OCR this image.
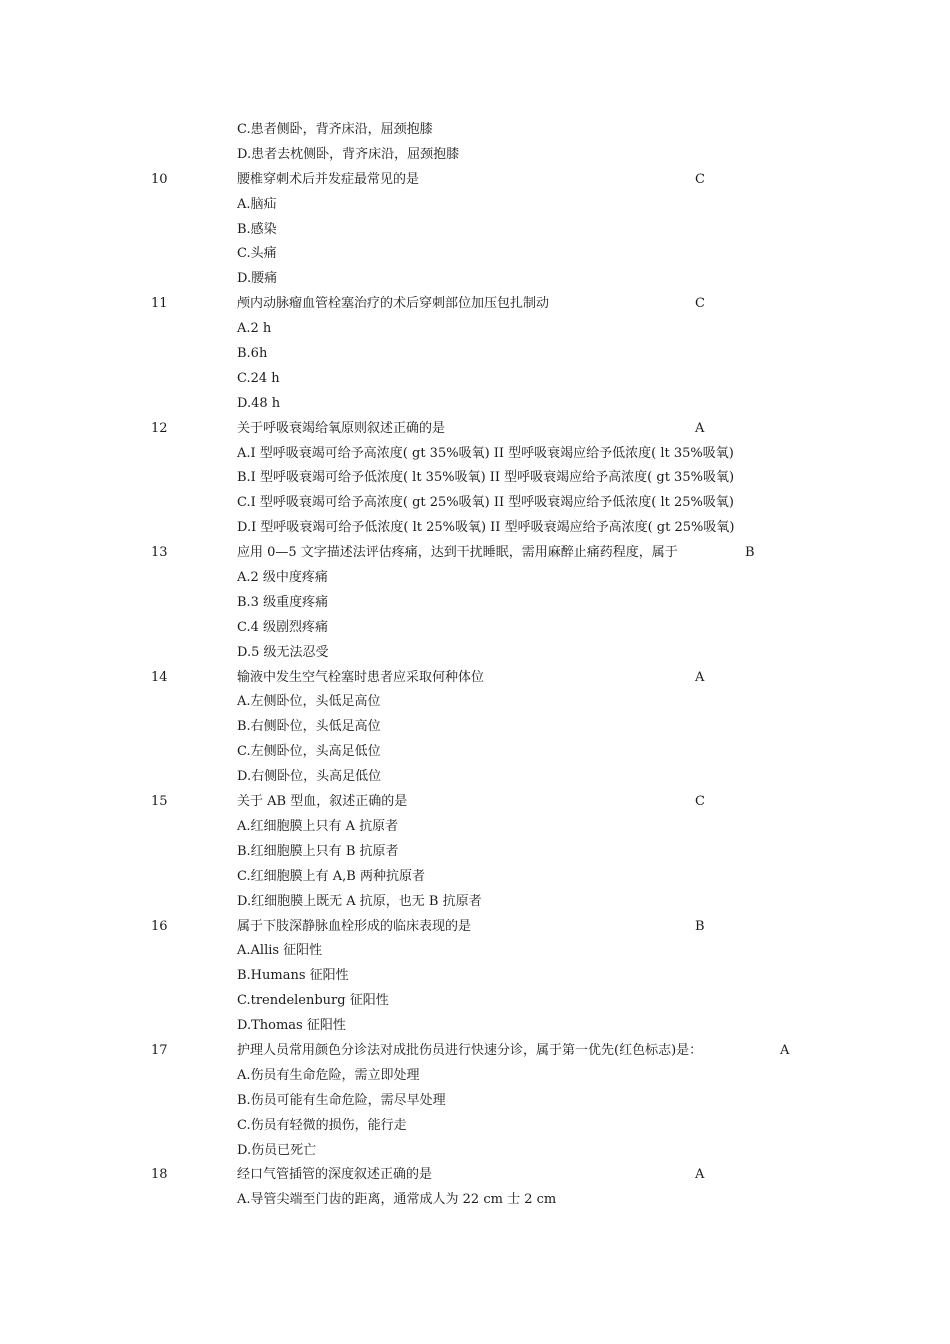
C.患者侧卧，背齐床沿，屈颈抱膝
D.患者去枕侧卧，背齐床沿，屈颈抱膝
10	腰椎穿刺术后并发症最常见的是	C
A.脑疝
B.感染
C.头痛
D.腰痛
11	颅内动脉瘤血管栓塞治疗的术后穿刺部位加压包扎制动	C
A.2 h
B.6h
C.24 h
D.48 h
12	关于呼吸衰竭给氧原则叙述正确的是	A
A.I 型呼吸衰竭可给予高浓度( gt 35%吸氧) II 型呼吸衰竭应给予低浓度( lt 35%吸氧)
B.I 型呼吸衰竭可给予低浓度( lt 35%吸氧) II 型呼吸衰竭应给予高浓度( gt 35%吸氧)
C.I 型呼吸衰竭可给予高浓度( gt 25%吸氧) II 型呼吸衰竭应给予低浓度( lt 25%吸氧)
D.I 型呼吸衰竭可给予低浓度( lt 25%吸氧) II 型呼吸衰竭应给予高浓度( gt 25%吸氧)
13	应用 0—5 文字描述法评估疼痛，达到干扰睡眠，需用麻醉止痛药程度，属于	B
A.2 级中度疼痛
B.3 级重度疼痛
C.4 级剧烈疼痛
D.5 级无法忍受
14	输液中发生空气栓塞时患者应采取何种体位	A
A.左侧卧位，头低足高位
B.右侧卧位，头低足高位
C.左侧卧位，头高足低位
D.右侧卧位，头高足低位
15	关于 AB 型血，叙述正确的是	C
A.红细胞膜上只有 A 抗原者
B.红细胞膜上只有 B 抗原者
C.红细胞膜上有 A,B 两种抗原者
D.红细胞膜上既无 A 抗原，也无 B 抗原者
16	属于下肢深静脉血栓形成的临床表现的是	B
A.Allis 征阳性
B.Humans 征阳性
C.trendelenburg 征阳性
D.Thomas 征阳性
17	护理人员常用颜色分诊法对成批伤员进行快速分诊，属于第一优先(红色标志)是：	A
A.伤员有生命危险，需立即处理
B.伤员可能有生命危险，需尽早处理
C.伤员有轻微的损伤，能行走
D.伤员已死亡
18	经口气管插管的深度叙述正确的是	A
A.导管尖端至门齿的距离，通常成人为 22 cm 士 2 cm
